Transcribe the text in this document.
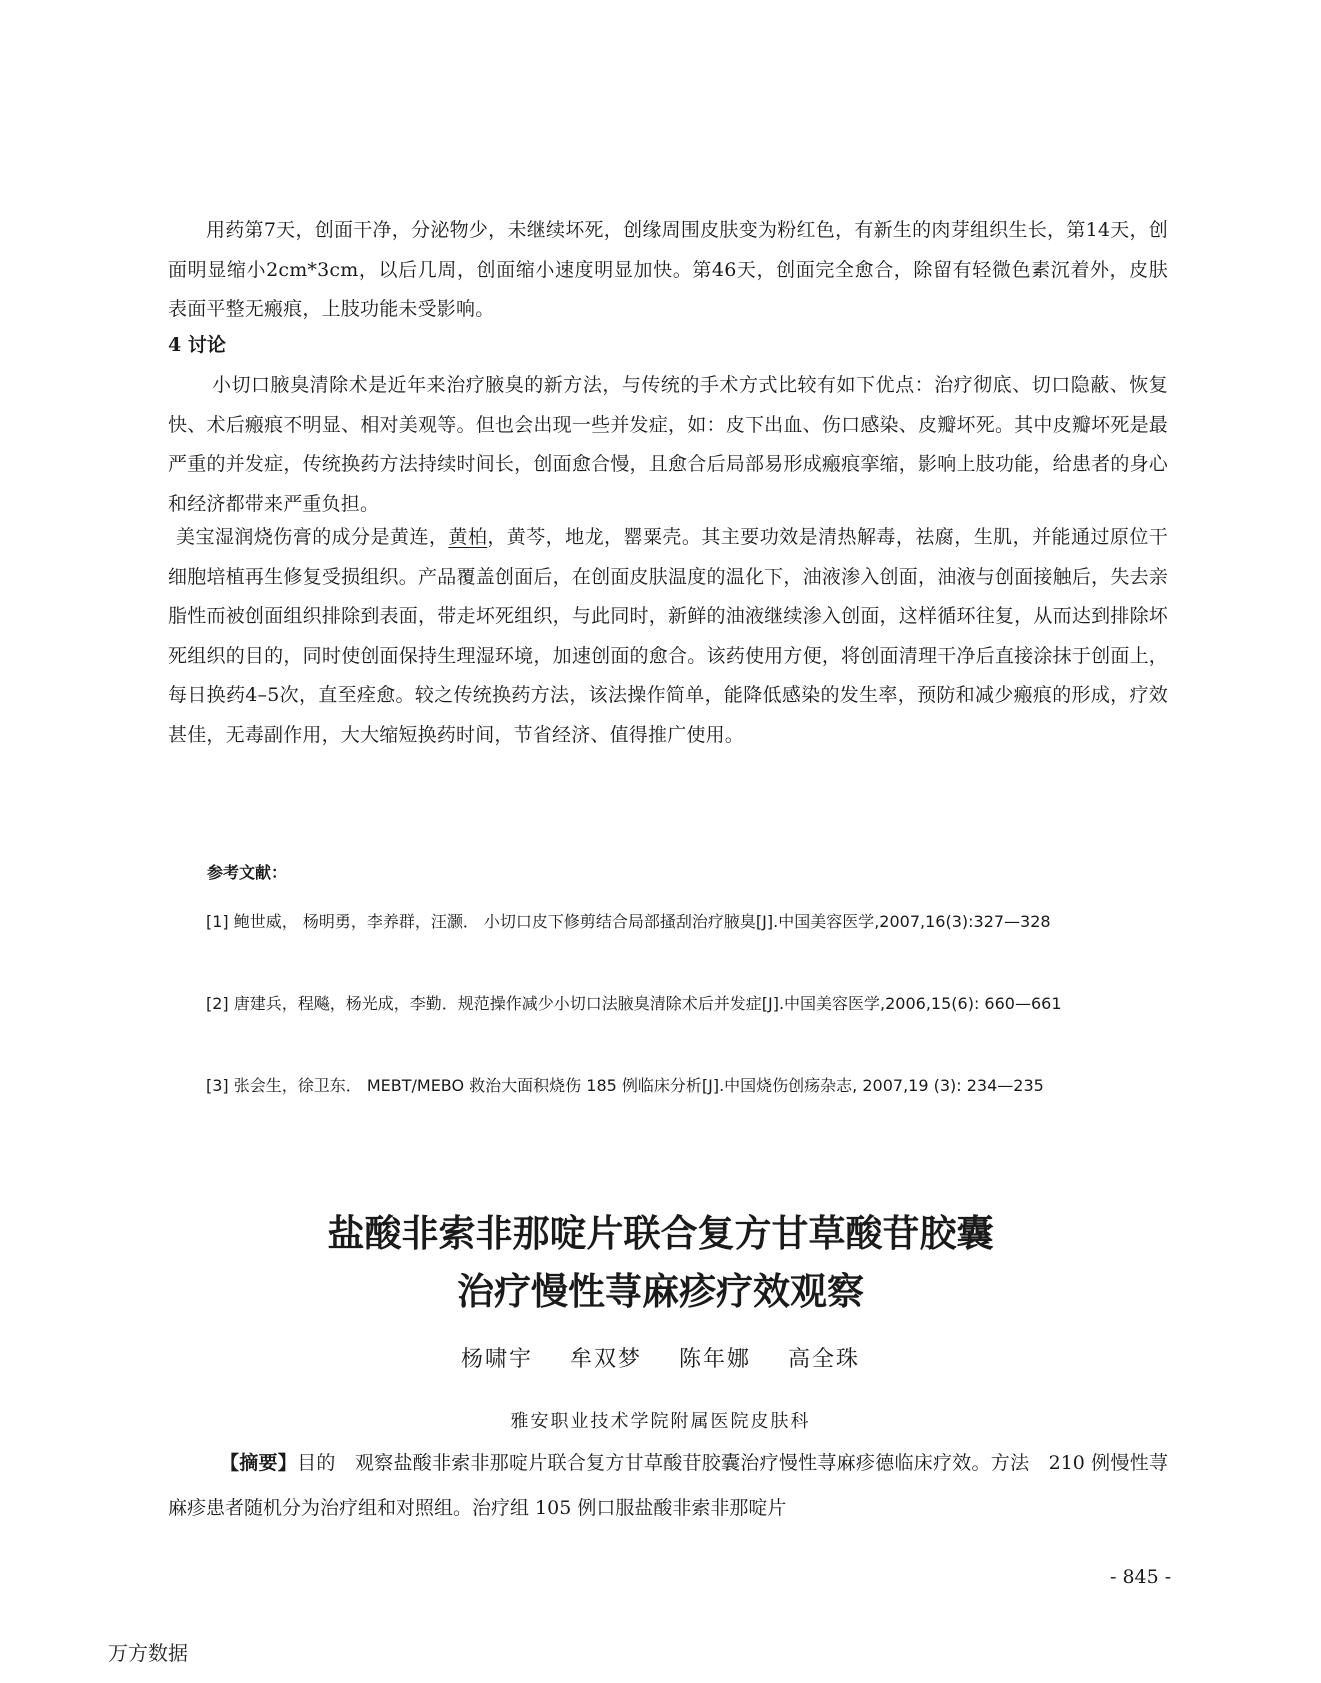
用药第7天，创面干净，分泌物少，未继续坏死，创缘周围皮肤变为粉红色，有新生的肉芽组织生长，第14天，创面明显缩小2cm*3cm，以后几周，创面缩小速度明显加快。第46天，创面完全愈合，除留有轻微色素沉着外，皮肤表面平整无瘢痕，上肢功能未受影响。

4 讨论

小切口腋臭清除术是近年来治疗腋臭的新方法，与传统的手术方式比较有如下优点：治疗彻底、切口隐蔽、恢复快、术后瘢痕不明显、相对美观等。但也会出现一些并发症，如：皮下出血、伤口感染、皮瓣坏死。其中皮瓣坏死是最严重的并发症，传统换药方法持续时间长，创面愈合慢，且愈合后局部易形成瘢痕挛缩，影响上肢功能，给患者的身心和经济都带来严重负担。

美宝湿润烧伤膏的成分是黄连，黄柏，黄芩，地龙，罂粟壳。其主要功效是清热解毒，祛腐，生肌，并能通过原位干细胞培植再生修复受损组织。产品覆盖创面后，在创面皮肤温度的温化下，油液渗入创面，油液与创面接触后，失去亲脂性而被创面组织排除到表面，带走坏死组织，与此同时，新鲜的油液继续渗入创面，这样循环往复，从而达到排除坏死组织的目的，同时使创面保持生理湿环境，加速创面的愈合。该药使用方便，将创面清理干净后直接涂抹于创面上，每日换药4–5次，直至痊愈。较之传统换药方法，该法操作简单，能降低感染的发生率，预防和减少瘢痕的形成，疗效甚佳，无毒副作用，大大缩短换药时间，节省经济、值得推广使用。

参考文献：

[1] 鲍世威， 杨明勇，李养群，汪灏． 小切口皮下修剪结合局部搔刮治疗腋臭[J].中国美容医学,2007,16(3):327—328

[2] 唐建兵，程飚，杨光成，李勤．规范操作减少小切口法腋臭清除术后并发症[J].中国美容医学,2006,15(6): 660—661

[3] 张会生，徐卫东． MEBT/MEBO 救治大面积烧伤 185 例临床分析[J].中国烧伤创疡杂志, 2007,19 (3): 234—235

盐酸非索非那啶片联合复方甘草酸苷胶囊

治疗慢性荨麻疹疗效观察

杨啸宇 牟双梦 陈年娜 高全珠

雅安职业技术学院附属医院皮肤科

【摘要】目的　观察盐酸非索非那啶片联合复方甘草酸苷胶囊治疗慢性荨麻疹德临床疗效。方法　210 例慢性荨麻疹患者随机分为治疗组和对照组。治疗组 105 例口服盐酸非索非那啶片

- 845 -

万方数据
